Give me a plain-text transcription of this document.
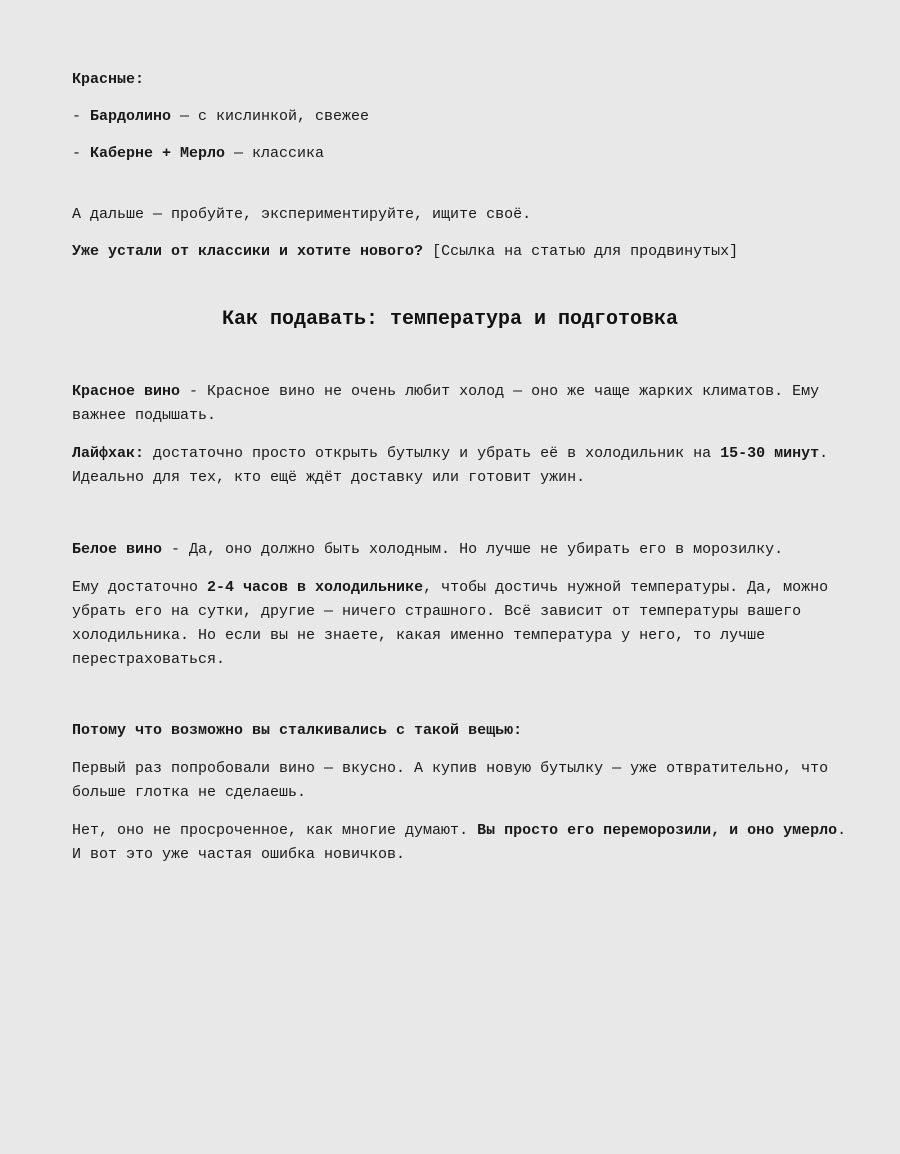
Красные:

- Бардолино — с кислинкой, свежее

- Каберне + Мерло — классика

А дальше — пробуйте, экспериментируйте, ищите своё.

Уже устали от классики и хотите нового? [Ссылка на статью для продвинутых]

Как подавать: температура и подготовка

Красное вино - Красное вино не очень любит холод — оно же чаще жарких климатов. Ему важнее подышать.

Лайфхак: достаточно просто открыть бутылку и убрать её в холодильник на 15-30 минут. Идеально для тех, кто ещё ждёт доставку или готовит ужин.

Белое вино - Да, оно должно быть холодным. Но лучше не убирать его в морозилку.

Ему достаточно 2-4 часов в холодильнике, чтобы достичь нужной температуры. Да, можно убрать его на сутки, другие — ничего страшного. Всё зависит от температуры вашего холодильника. Но если вы не знаете, какая именно температура у него, то лучше перестраховаться.

Потому что возможно вы сталкивались с такой вещью:

Первый раз попробовали вино — вкусно. А купив новую бутылку — уже отвратительно, что больше глотка не сделаешь.

Нет, оно не просроченное, как многие думают. Вы просто его переморозили, и оно умерло. И вот это уже частая ошибка новичков.
